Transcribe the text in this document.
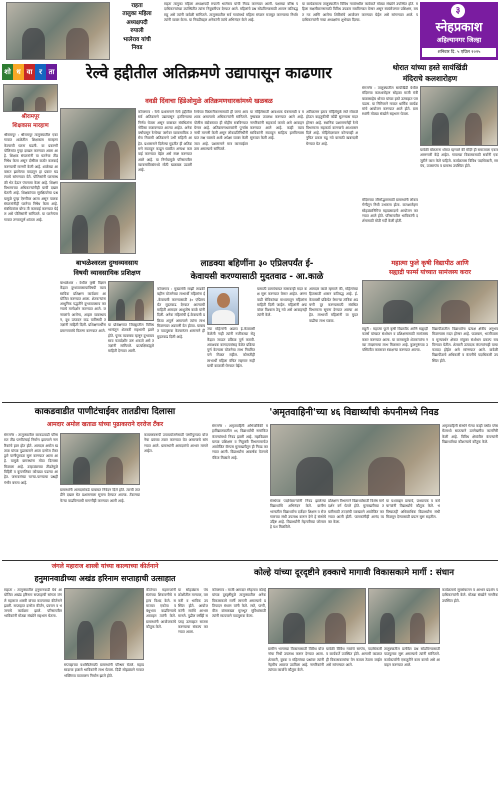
राहता
तालुका महिला
अध्यक्षपदी
रुपाली
भालेराव यांची
निवड
राहता तालुका महिला अध्यक्षपदी रुपाली भालेराव यांची निवड करण्यात आली. पक्षाच्या वरिष्ठ पदाधिकाऱ्यांच्या उपस्थितीत त्यांना नियुक्तीपत्र देण्यात आले. महिलांचे प्रश्न सोडविण्यासाठी आपण कटिबद्ध राहू असे त्यांनी यावेळी सांगितले. तालुक्यातील सर्व गावांमध्ये महिला संघटन मजबूत करण्याचा निर्धार त्यांनी व्यक्त केला. या निवडीबद्दल अनेकांनी त्यांचे अभिनंदन केले आहे.
या कार्यक्रमाला तालुक्यातील विविध गावांमधील कार्यकर्ते मोठ्या संख्येने उपस्थित होते. महिला सक्षमीकरणासाठी विविध उपक्रम राबविण्यात येणार असून स्वयंरोजगार प्रशिक्षण, बचत गट आणि आरोग्य शिबिरांचे आयोजन करण्यात येईल असे सांगण्यात आले. पदाधिकाऱ्यांनी नव्या अध्यक्षांना शुभेच्छा दिल्या.
३
स्नेहप्रकाश
अहिल्यानगर जिल्हा
शनिवार दि. ५ एप्रिल २०२५
शो ध वा र ता	रेल्वे हद्दीतील अतिक्रमणे उद्यापासून काढणार	थोरात यांच्या हस्ते सायंखिंडी
मंदिराचे कलशारोहण
ववडी दिंवाचा हिंडेओमुळे अतिक्रमणधारकांमध्ये खळबळ
श्रीरामपूर
शिक्षकास मारहाण
श्रीरामपूर : श्रीरामपूर तालुक्यातील एका गावात शाळेतील शिक्षकास मारहाण केल्याची घटना घडली. या प्रकरणी पोलिसांत गुन्हा दाखल करण्यात आला आहे. शिक्षक संघटनांनी या घटनेचा तीव्र निषेध केला असून दोषींवर कठोर कारवाई करण्याची मागणी केली आहे. शाळेच्या आवारात झालेल्या वादातून हा प्रकार घडल्याचे सांगण्यात येते. पोलिसांनी घटनास्थळी भेट देऊन पंचनामा केला आहे. शिक्षण विभागाच्या अधिकाऱ्यांनीही याची दखल घेतली आहे. शिक्षकांच्या सुरक्षिततेचा प्रश्न यामुळे पुन्हा ऐरणीवर आला असून पालक संघटनांनीही घटनेचा निषेध केला आहे. संबंधितांवर योग्य ती कारवाई करण्यात येईल असे पोलिसांनी सांगितले. या घटनेनंतर गावात तणावपूर्ण शांतता आहे.
कोपरगाव : रेल्वे प्रशासनाने रेल्वे हद्दीतील सर्व अतिक्रमणे उद्यापासून हटविण्याचा निर्णय घेतला असून याबाबत संबंधितांना नोटिसा बजावण्यात आल्या आहेत. अनेक वर्षांपासून रेल्वेच्या जागेवर व्यावसायिक तसेच निवासी अतिक्रमणे उभी राहिली आहेत. प्रशासनाने दिलेल्या मुदतीत ही अतिक्रमणे स्वतःहून काढून घ्यावीत अन्यथा कारवाई करण्यात येईल असे स्पष्ट करण्यात आले आहे. या निर्णयामुळे परिसरातील व्यावसायिकांमध्ये मोठी खळबळ उडाली आहे.
रेल्वेच्या विस्तारीकरणासाठी ही जागा आवश्यक असल्याचे अधिकाऱ्यांनी सांगितले. पोलीस बंदोबस्तात ही मोहीम राबविण्यात येणार आहे. अतिक्रमणधारकांनी पुनर्वसनाची मागणी केली असून लोकप्रतिनिधींनी यात लक्ष घालावे अशी अपेक्षा व्यक्त केली जात आहे. प्रशासनाने मात्र कारवाईवर ठाम असल्याचे सांगितले.
या मोहिमेसाठी आवश्यक यंत्रसामग्री व मनुष्यबळ उपलब्ध करण्यात आले आहे. नागरिकांनी सहकार्य करावे असे आवाहन करण्यात आले आहे. काही व्यावसायिकांनी स्वतःहून साहित्य हलविण्यास सुरुवात केली आहे.
अतिक्रमण हटाव मोहिमेमुळे रस्ते मोकळे होऊन वाहतुकीची कोंडी सुटण्यास मदत होणार आहे. स्थानिक प्रशासनानेही रेल्वे विभागाला सहकार्य करण्याचे आश्वासन दिले आहे. मोहिमेदरम्यान कोणताही अनुचित प्रकार घडू नये यासाठी खबरदारी घेण्यात येत आहे.
संगमनेर : तालुक्यातील सायंखिंडी येथील मंदिराचा कलशारोहण सोहळा माजी मंत्री बाळासाहेब थोरात यांच्या हस्ते उत्साहात पार पडला. या निमित्ताने गावात धार्मिक कार्यक्रमांचे आयोजन करण्यात आले होते. ग्रामस्थांनी मोठ्या संख्येने सहभाग घेतला.
यावेळी बोलताना थोरात म्हणाले की मंदिरे ही समाजाला एकत्र आणणारी केंद्रे आहेत. गावाच्या विकासासाठी सर्वांनी एकजुटीने काम केले पाहिजे. कार्यक्रमास विविध पदाधिकारी, सरपंच, उपसरपंच व ग्रामस्थ उपस्थित होते.
मंदिराच्या जीर्णोद्धारासाठी ग्रामस्थांनी लोकवर्गणीतून निधी उभारला होता. कलशारोहण सोहळ्यानिमित्त महाप्रसादाचे आयोजन करण्यात आले होते. परिसरातील भाविकांनी दर्शनासाठी मोठी गर्दी केली होती.
बाभळेश्वरला दुग्धव्यवसाय
विषयी व्यावसायिक प्रशिक्षण
बाभळेश्वर : येथील कृषी विज्ञान केंद्रात दुग्धव्यवसायाविषयी व्यावसायिक प्रशिक्षण कार्यक्रम आयोजित करण्यात आला. शेतकऱ्यांना आधुनिक पद्धतीने दुग्धव्यवसाय करण्याचे मार्गदर्शन करण्यात आले. जनावरांचे आरोग्य, आहार व्यवस्थापन, दूध उत्पादन वाढ याविषयी तज्ज्ञांनी माहिती दिली. प्रशिक्षणार्थींना प्रमाणपत्रांचे वितरण करण्यात आले.
या प्रशिक्षणात जिल्ह्यातील विविध भागांतून शेतकरी सहभागी झाले होते. पूरक व्यवसाय म्हणून दुग्धव्यवसाय फायदेशीर ठरू शकतो असे तज्ज्ञांनी सांगितले. प्रात्यक्षिकांद्वारे माहिती देण्यात आली.
लाडक्या बहिणींना ३० एप्रिलपर्यंत ई-
केवायसी करण्यासाठी मुदतवाढ - आ.काळे
कोपरगाव : मुख्यमंत्री माझी लाडकी बहीण योजनेच्या लाभार्थी महिलांना ई-केवायसी करण्यासाठी ३० एप्रिलपर्यंत मुदतवाढ देण्यात आल्याची माहिती आमदार आशुतोष काळे यांनी दिली. अनेक महिलांची ई-केवायसी प्रक्रिया अपूर्ण असल्याने त्यांना लाभ मिळण्यात अडचणी येत होत्या. याबाबत पाठपुरावा केल्यानंतर शासनाने ही मुदतवाढ दिली आहे.
ज्या महिलांनी अद्याप ई-केवायसी केलेली नाही त्यांनी नजीकच्या सेतू केंद्रात जाऊन प्रक्रिया पूर्ण करावी. आवश्यक कागदपत्रांसह वेळेत प्रक्रिया पूर्ण केल्यास योजनेचा लाभ नियमितपणे मिळत राहील. कोणतीही लाभार्थी महिला वंचित राहणार नाही याची काळजी घेण्यात येईल.
यासाठी ग्रामपंचायत स्तरावरही मदत कक्ष सुरू करण्यात येणार आहेत. अंगणवाडी सेविकांच्या माध्यमातून महिलांना माहिती दिली जाईल. महिलांनी अफवांवर विश्वास ठेवू नये असे आवाहनही त्यांनी केले.
आमदार काळे म्हणाले की, महिलांच्या हितासाठी शासन कटिबद्ध आहे. ई-केवायसी प्रक्रियेत येणाऱ्या तांत्रिक अडचणी दूर करण्यासाठी संबंधित विभागाला सूचना देण्यात आल्या आहेत. लाभार्थी महिलांनी या मुदतवाढीचा लाभ घ्यावा.
महात्मा फुले कृषी विद्यापीठ आणि
सह्याद्री फार्म्स यांच्यात सामंजस्य करार
राहुरी : महात्मा फुले कृषी विद्यापीठ आणि सह्याद्री फार्म्स यांच्यात संशोधन व प्रशिक्षणासाठी सामंजस्य करार करण्यात आला. या करारामुळे शेतकऱ्यांना नव्या तंत्रज्ञानाचा लाभ मिळणार आहे. कुलगुरूंच्या उपस्थितीत करारावर स्वाक्षऱ्या करण्यात आल्या.
विद्यापीठातील विद्यार्थ्यांना प्रत्यक्ष क्षेत्रीय अनुभव मिळण्यास मदत होणार आहे. फळबाग, भाजीपाला व मूल्यवर्धन क्षेत्रात संयुक्त संशोधन प्रकल्प राबविण्यात येतील. शेतकरी उत्पादक कंपन्यांनाही याचा फायदा होईल असे सांगण्यात आले. यावेळी विद्यापीठाचे अधिकारी व कंपनीचे पदाधिकारी उपस्थित होते.
काकडवाडीत पाणीटंचाईवर तातडीचा दिलासा
आमदार अमोल खताळ यांच्या पुढाकाराने दररोज टँकर
संगमनेर : तालुक्यातील काकडवाडी परिसरात तीव्र पाणीटंचाई निर्माण झाल्याने नागरिकांचे हाल होत होते. आमदार अमोल खताळ यांच्या पुढाकाराने आता दररोज टँकरद्वारे पाणीपुरवठा सुरू करण्यात आला आहे. यामुळे ग्रामस्थांना मोठा दिलासा मिळाला आहे. उन्हाळ्याच्या तीव्रतेमुळे विहिरी व कूपनलिका कोरड्या पडल्या आहेत. जनावरांच्या चाऱ्या-पाण्याचा प्रश्नही गंभीर बनला आहे.
ग्रामस्थांनी आमदारांकडे याबाबत निवेदन दिले होते. त्याची तातडीने दखल घेत प्रशासनाला सूचना देण्यात आल्या. टँकरच्या फेऱ्या वाढविण्याची मागणीही करण्यात आली आहे.
कायमस्वरूपी उपाययोजनेसाठी पाणीपुरवठा योजनेचा प्रस्ताव तयार करण्यात येत असल्याचे सांगण्यात आले. ग्रामस्थांनी आमदारांचे आभार मानले आहेत.
'अमृतवाहिनी'च्या ४६ विद्यार्थ्यांची कंपनीमध्ये निवड
संगमनेर : अमृतवाहिनी अभियांत्रिकी महाविद्यालयातील ४६ विद्यार्थ्यांची नामांकित कंपन्यांमध्ये निवड झाली आहे. महाविद्यालयाच्या प्रशिक्षण व नियुक्ती विभागामार्फत आयोजित कॅम्पस मुलाखतीतून ही निवड करण्यात आली. विद्यार्थ्यांना आकर्षक वेतनाचे पॅकेज मिळाले आहे.
संस्थेच्या पदाधिकाऱ्यांनी निवड झालेल्या विद्यार्थ्यांचे अभिनंदन केले. ग्रामीण भागातील विद्यार्थ्यांना दर्जेदार शिक्षण व रोजगाराच्या संधी उपलब्ध करून देणे हे संस्थेचे उद्दिष्ट आहे. विद्यार्थ्यांनी मेहनतीच्या जोरावर हे यश मिळविले.
प्रशिक्षण विभागाने विद्यार्थ्यांसाठी विशेष मार्गदर्शन वर्ग घेतले होते. मुलाखतीच्या तयारीसाठी तज्ज्ञांची व्याख्याने आयोजित करण्यात आली होती. पालकांनीही आनंद व्यक्त केला.
या यशाबद्दल प्राचार्य, प्राध्यापक व कर्मचाऱ्यांनी विद्यार्थ्यांचे कौतुक केले. भविष्यातही अधिकाधिक विद्यार्थ्यांना संधी मिळवून देण्यासाठी प्रयत्न सुरू राहतील.
अमृतवाहिनी संस्थेने गेल्या काही वर्षांत प्लेसमेंटमध्ये सातत्याने उल्लेखनीय कामगिरी केली आहे. विविध क्षेत्रांतील कंपन्यांनी विद्यार्थ्यांच्या कौशल्याचे कौतुक केले.
जंगले महाराज शास्त्री यांच्या काल्याच्या कीर्तनाने
हनुमानवाडीच्या अखंड हरिनाम सप्ताहाची उत्साहात
राहाता : तालुक्यातील हनुमानवाडी येथे आयोजित अखंड हरिनाम सप्ताहाची सांगता जंगले महाराज शास्त्री यांच्या काल्याच्या कीर्तनाने झाली. सप्ताहात दररोज कीर्तन, प्रवचन व भजनाचे कार्यक्रम झाले. परिसरातील भाविकांनी मोठ्या संख्येने सहभाग घेतला.
सप्ताहाच्या यशस्वितेसाठी ग्रामस्थांनी परिश्रम घेतले. महाप्रसादाचा हजारो भाविकांनी लाभ घेतला. दिंडी सोहळ्याने गावात भक्तिमय वातावरण निर्माण झाले होते.
कीर्तनात महाराजांनी संतांच्या शिकवणीचे महत्त्व विशद केले. समाजात एकोपा व बंधुभाव वाढविण्याचे आवाहन त्यांनी केले. ग्रामस्थांनी आयोजकांचे कौतुक केले.
या सोहळ्यास पंचक्रोशीतील मान्यवर, वारकरी व भाविक उपस्थित होते. आयोजकांनी सर्वांचे आभार मानले. पुढील वर्षीही सप्ताह उत्साहात साजरा करण्याचा संकल्प करण्यात आला.
कोल्हे यांच्या दूरदृष्टीने हक्काचे मागावी विकासकामे मार्गी : संधान
कोपरगाव : माजी आमदार स्नेहलता कोल्हे यांच्या दूरदृष्टीमुळे तालुक्यातील अनेक विकासकामे मार्गी लागली असल्याचे प्रतिपादन संधान यांनी केले. रस्ते, पाणी, वीज यांसारख्या मूलभूत सुविधांसाठी त्यांनी सातत्याने पाठपुरावा केला.
ग्रामीण भागाच्या विकासासाठी विविध योजनांचा निधी उपलब्ध करून देण्यात आला. शेतकरी, युवक व महिलांच्या प्रश्नांवर त्यांनी नेहमीच आवाज उठविला आहे. नागरिकांनी त्यांच्या कार्याचे कौतुक केले.
यावेळी विविध गावांचे सरपंच, पदाधिकारी व कार्यकर्ते उपस्थित होते. आगामी काळातही विकासकामांचा वेग कायम ठेवला जाईल असे सांगण्यात आले.
तालुक्यातील प्रलंबित प्रश्न सोडविण्यासाठी पाठपुरावा सुरू असल्याचे त्यांनी सांगितले. कार्यकर्त्यांनी एकजुटीने काम करावे असे आवाहन करण्यात आले.
कार्यक्रमाचे सूत्रसंचालन व आभार प्रदर्शन पदाधिकाऱ्यांनी केले. मोठ्या संख्येने नागरिक उपस्थित होते.
